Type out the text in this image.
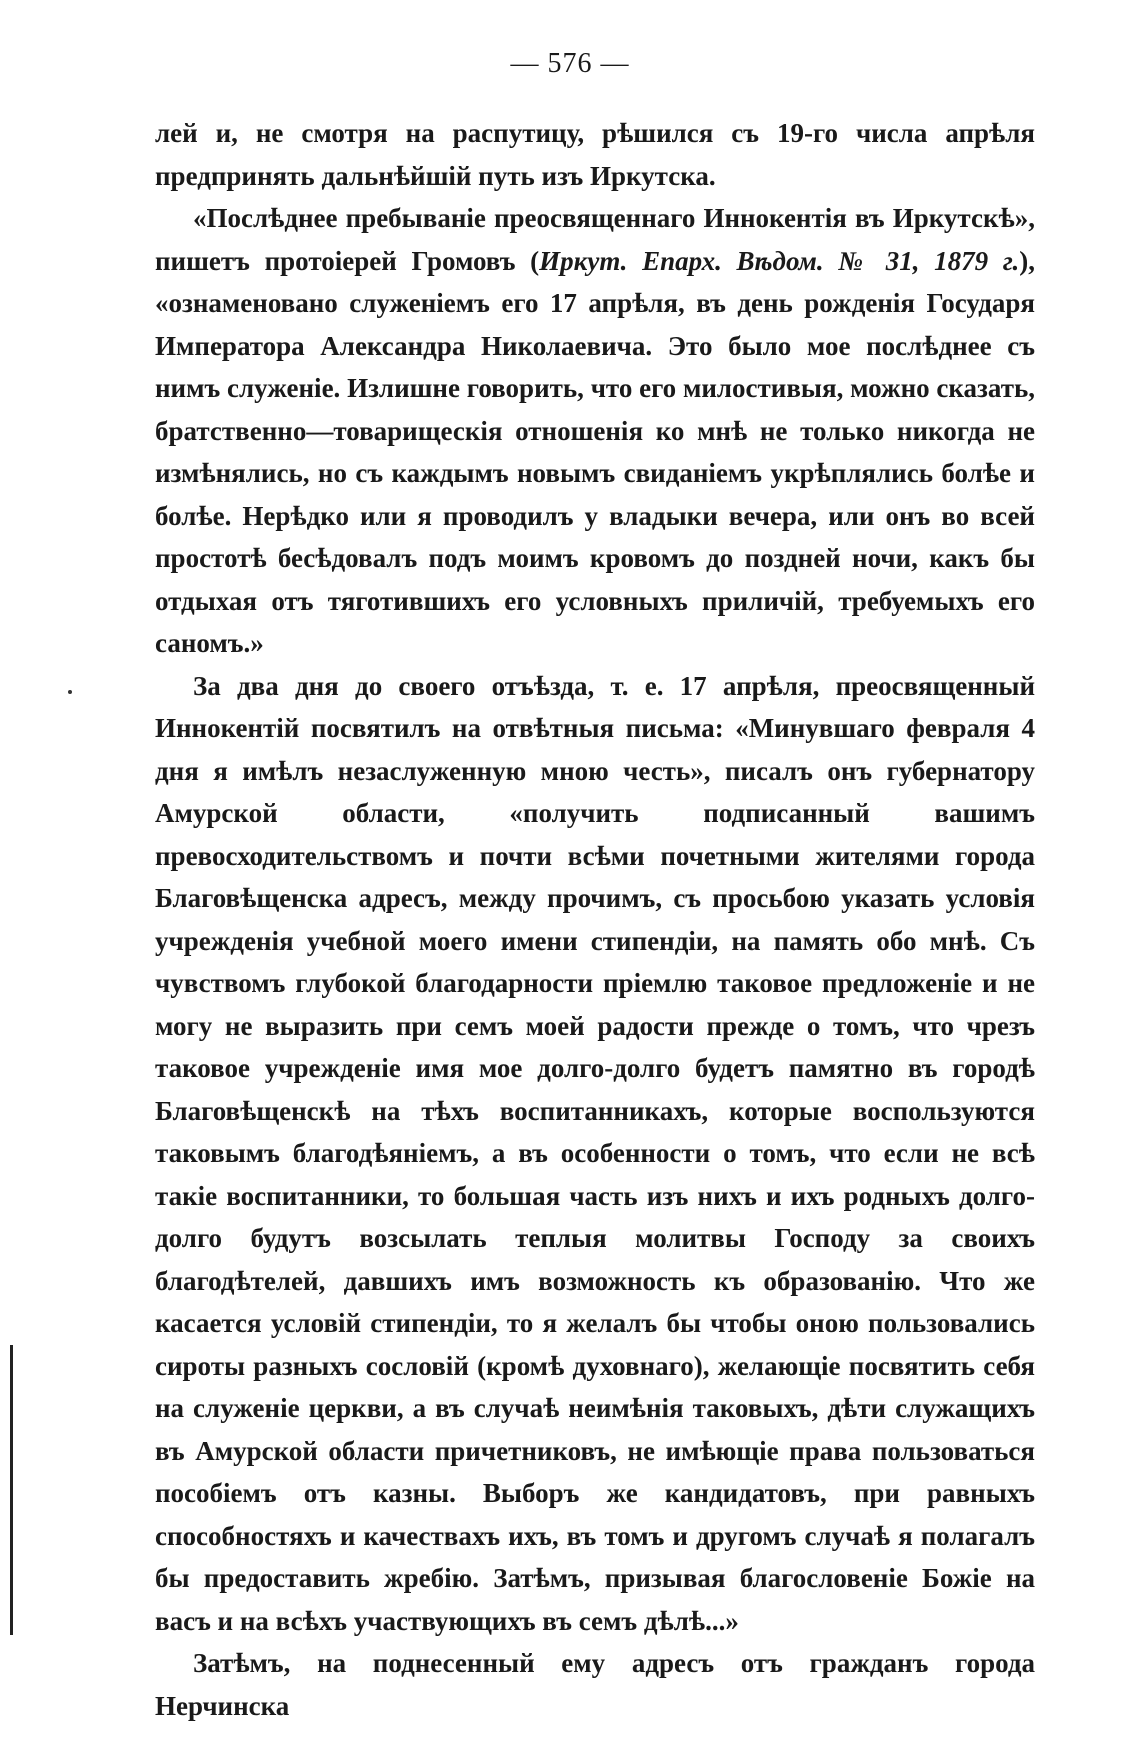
— 576 —

лей и, не смотря на распутицу, рѣшился съ 19-го числа апрѣля предпринять дальнѣйшій путь изъ Иркутска.

«Послѣднее пребываніе преосвященнаго Иннокентія въ Иркутскѣ», пишетъ протоіерей Громовъ (Иркут. Епарх. Вѣдом. № 31, 1879 г.), «ознаменовано служеніемъ его 17 апрѣля, въ день рожденія Государя Императора Александра Николаевича. Это было мое послѣднее съ нимъ служеніе. Излишне говорить, что его милостивыя, можно сказать, братственно—товарищескія отношенія ко мнѣ не только никогда не измѣнялись, но съ каждымъ новымъ свиданіемъ укрѣплялись болѣе и болѣе. Нерѣдко или я проводилъ у владыки вечера, или онъ во всей простотѣ бесѣдовалъ подъ моимъ кровомъ до поздней ночи, какъ бы отдыхая отъ тяготившихъ его условныхъ приличій, требуемыхъ его саномъ.»

За два дня до своего отъѣзда, т. е. 17 апрѣля, преосвященный Иннокентій посвятилъ на отвѣтныя письма: «Минувшаго февраля 4 дня я имѣлъ незаслуженную мною честь», писалъ онъ губернатору Амурской области, «получить подписанный вашимъ превосходительствомъ и почти всѣми почетными жителями города Благовѣщенска адресъ, между прочимъ, съ просьбою указать условія учрежденія учебной моего имени стипендіи, на память обо мнѣ. Съ чувствомъ глубокой благодарности пріемлю таковое предложеніе и не могу не выразить при семъ моей радости прежде о томъ, что чрезъ таковое учрежденіе имя мое долго-долго будетъ памятно въ городѣ Благовѣщенскѣ на тѣхъ воспитанникахъ, которые воспользуются таковымъ благодѣяніемъ, а въ особенности о томъ, что если не всѣ такіе воспитанники, то большая часть изъ нихъ и ихъ родныхъ долго-долго будутъ возсылать теплыя молитвы Господу за своихъ благодѣтелей, давшихъ имъ возможность къ образованію. Что же касается условій стипендіи, то я желалъ бы чтобы оною пользовались сироты разныхъ сословій (кромѣ духовнаго), желающіе посвятить себя на служеніе церкви, а въ случаѣ неимѣнія таковыхъ, дѣти служащихъ въ Амурской области причетниковъ, не имѣющіе права пользоваться пособіемъ отъ казны. Выборъ же кандидатовъ, при равныхъ способностяхъ и качествахъ ихъ, въ томъ и другомъ случаѣ я полагалъ бы предоставить жребію. Затѣмъ, призывая благословеніе Божіе на васъ и на всѣхъ участвующихъ въ семъ дѣлѣ...»

Затѣмъ, на поднесенный ему адресъ отъ гражданъ города Нерчинска
